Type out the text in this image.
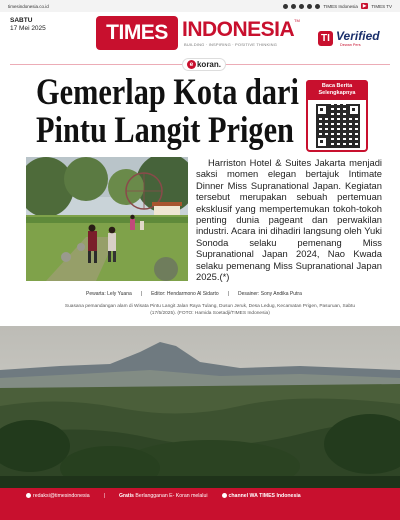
timesindonesia.co.id	TIMES Indonesia	▶	TIMES TV
SABTU
17 Mei 2025	TIMES INDONESIA TM
BUILDING · INSPIRING · POSITIVE THINKING
TI Verified
Dewan Pers
e koran.
Gemerlap Kota dari
Pintu Langit Prigen
Baca Berita
Selengkapnya

Harriston Hotel & Suites Jakarta menjadi saksi momen elegan bertajuk Intimate Dinner Miss Supranational Japan. Kegiatan tersebut merupakan sebuah pertemuan eksklusif yang mempertemukan tokoh-tokoh penting dunia pageant dan perwakilan industri. Acara ini dihadiri langsung oleh Yuki Sonoda selaku pemenang Miss Supranational Japan 2024, Nao Kwada selaku pemenang Miss Supranational Japan 2025.(*)

Pewarta: Lely Yuana | Editor: Hendarmono Al Sidarto | Desainer: Sony Andika Putra
Suasana pemandangan alam di Wisata Pintu Langit Jalan Raya Tulang, Dusun Jeruk, Desa Ledug, Kecamatan Prigen, Pasuruan, Sabtu (17/5/2025). (FOTO: Hamida Soetadji/TIMES Indonesia)
redaksi@timesindonesia	|	Gratis Berlangganan E- Koran melalui	channel WA TIMES Indonesia
